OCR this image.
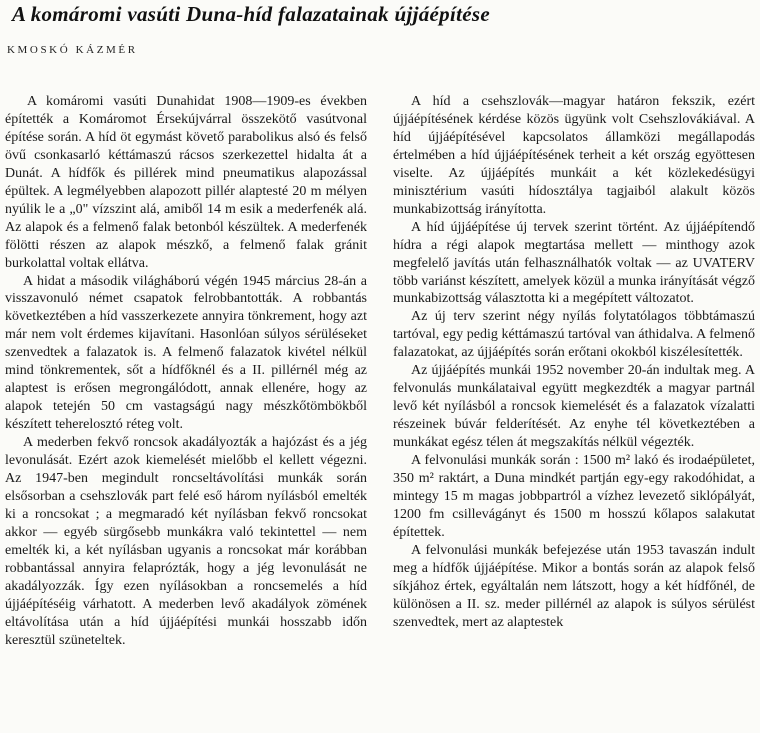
A komáromi vasúti Duna-híd falazatainak újjáépítése
KMOSKÓ KÁZMÉR

A komáromi vasúti Dunahidat 1908—1909-es években építették a Komáromot Érsekújvárral összekötő vasútvonal építése során. A híd öt egymást követő parabolikus alsó és felső övű csonkasarló kéttámaszú rácsos szerkezettel hidalta át a Dunát. A hídfők és pillérek mind pneumatikus alapozással épültek. A legmélyebben alapozott pillér alaptesté 20 m mélyen nyúlik le a „0" vízszint alá, amiből 14 m esik a mederfenék alá. Az alapok és a felmenő falak betonból készültek. A mederfenék fölötti részen az alapok mészkő, a felmenő falak gránit burkolattal voltak ellátva.

A hidat a második világháború végén 1945 március 28-án a visszavonuló német csapatok felrobbantották. A robbantás következtében a híd vasszerkezete annyira tönkrement, hogy azt már nem volt érdemes kijavítani. Hasonlóan súlyos sérüléseket szenvedtek a falazatok is. A felmenő falazatok kivétel nélkül mind tönkrementek, sőt a hídfőknél és a II. pillérnél még az alaptest is erősen megrongálódott, annak ellenére, hogy az alapok tetején 50 cm vastagságú nagy mészkőtömbökből készített teherelosztó réteg volt.

A mederben fekvő roncsok akadályozták a hajózást és a jég levonulását. Ezért azok kiemelését mielőbb el kellett végezni. Az 1947-ben megindult roncseltávolítási munkák során elsősorban a csehszlovák part felé eső három nyílásból emelték ki a roncsokat ; a megmaradó két nyílásban fekvő roncsokat akkor — egyéb sürgősebb munkákra való tekintettel — nem emelték ki, a két nyílásban ugyanis a roncsokat már korábban robbantással annyira felaprózták, hogy a jég levonulását ne akadályozzák. Így ezen nyílásokban a roncsemelés a híd újjáépítéséig várhatott. A mederben levő akadályok zömének eltávolítása után a híd újjáépítési munkái hosszabb időn keresztül szüneteltek.

A híd a csehszlovák—magyar határon fekszik, ezért újjáépítésének kérdése közös ügyünk volt Csehszlovákiával. A híd újjáépítésével kapcsolatos államközi megállapodás értelmében a híd újjáépítésének terheit a két ország egyöttesen viselte. Az újjáépítés munkáit a két közlekedésügyi minisztérium vasúti hídosztálya tagjaiból alakult közös munkabizottság irányította.

A híd újjáépítése új tervek szerint történt. Az újjáépítendő hídra a régi alapok megtartása mellett — minthogy azok megfelelő javítás után felhasználhatók voltak — az UVATERV több variánst készített, amelyek közül a munka irányítását végző munkabizottság választotta ki a megépített változatot.

Az új terv szerint négy nyílás folytatólagos többtámaszú tartóval, egy pedig kéttámaszú tartóval van áthidalva. A felmenő falazatokat, az újjáépítés során erőtani okokból kiszélesítették.

Az újjáépítés munkái 1952 november 20-án indultak meg. A felvonulás munkálataival együtt megkezdték a magyar partnál levő két nyílásból a roncsok kiemelését és a falazatok vízalatti részeinek búvár felderítését. Az enyhe tél következtében a munkákat egész télen át megszakítás nélkül végezték.

A felvonulási munkák során : 1500 m² lakó és irodaépületet, 350 m² raktárt, a Duna mindkét partján egy-egy rakodóhidat, a mintegy 15 m magas jobbpartról a vízhez levezető siklópályát, 1200 fm csillevágányt és 1500 m hosszú kőlapos salakutat építettek.

A felvonulási munkák befejezése után 1953 tavaszán indult meg a hídfők újjáépítése. Mikor a bontás során az alapok felső síkjához értek, egyáltalán nem látszott, hogy a két hídfőnél, de különösen a II. sz. meder pillérnél az alapok is súlyos sérülést szenvedtek, mert az alaptestek
